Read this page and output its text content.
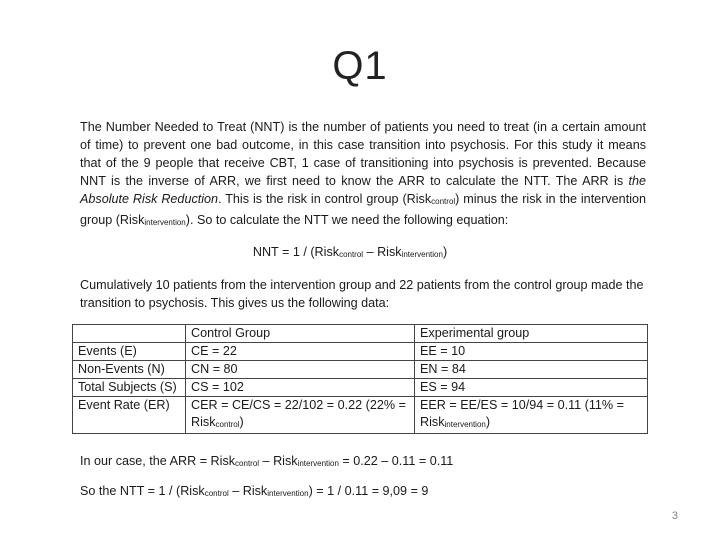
Q1

The Number Needed to Treat (NNT) is the number of patients you need to treat (in a certain amount of time) to prevent one bad outcome, in this case transition into psychosis. For this study it means that of the 9 people that receive CBT, 1 case of transitioning into psychosis is prevented. Because NNT is the inverse of ARR, we first need to know the ARR to calculate the NTT. The ARR is the Absolute Risk Reduction. This is the risk in control group (Riskcontrol) minus the risk in the intervention group (Riskintervention). So to calculate the NTT we need the following equation:

NNT = 1 / (Riskcontrol – Riskintervention)

Cumulatively 10 patients from the intervention group and 22 patients from the control group made the transition to psychosis. This gives us the following data:

	Control Group	Experimental group
Events (E)	CE = 22	EE = 10
Non-Events (N)	CN = 80	EN = 84
Total Subjects (S)	CS = 102	ES = 94
Event Rate (ER)	CER = CE/CS = 22/102 = 0.22 (22% = Riskcontrol)	EER = EE/ES = 10/94 = 0.11 (11% = Riskintervention)

In our case, the ARR = Riskcontrol – Riskintervention = 0.22 – 0.11 = 0.11

So the NTT = 1 / (Riskcontrol – Riskintervention) = 1 / 0.11 = 9,09 = 9

3
